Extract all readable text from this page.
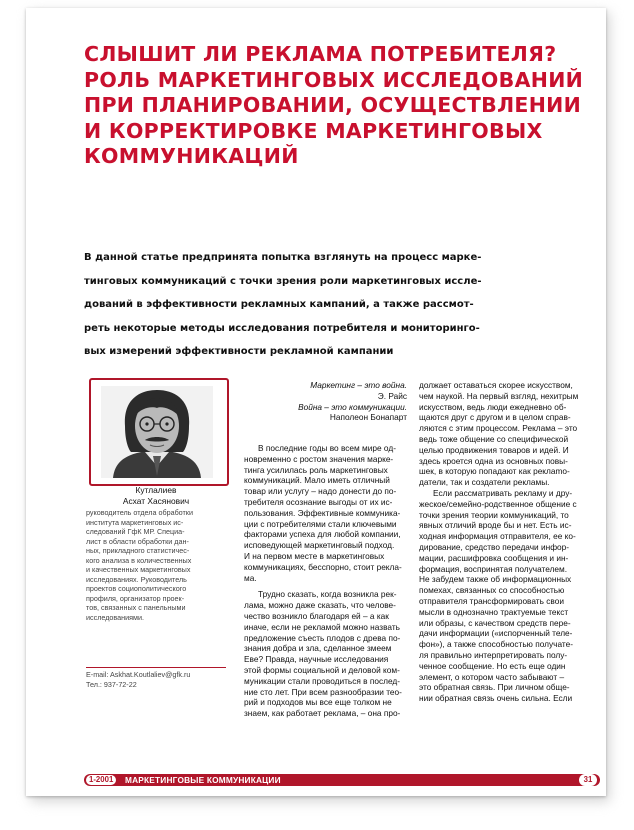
СЛЫШИТ ЛИ РЕКЛАМА ПОТРЕБИТЕЛЯ?
РОЛЬ МАРКЕТИНГОВЫХ ИССЛЕДОВАНИЙ
ПРИ ПЛАНИРОВАНИИ, ОСУЩЕСТВЛЕНИИ
И КОРРЕКТИРОВКЕ МАРКЕТИНГОВЫХ
КОММУНИКАЦИЙ

В данной статье предпринята попытка взглянуть на процесс марке-
тинговых коммуникаций с точки зрения роли маркетинговых иссле-
дований в эффективности рекламных кампаний, а также рассмот-
реть некоторые методы исследования потребителя и мониторинго-
вых измерений эффективности рекламной кампании

Кутлалиев
Асхат Хасянович

руководитель отдела обработки
института маркетинговых ис-
следований ГфК МР. Специа-
лист в области обработки дан-
ных, прикладного статистичес-
кого анализа в количественных
и качественных маркетинговых
исследованиях. Руководитель
проектов социополитического
профиля, организатор проек-
тов, связанных с панельными
исследованиями.

E-mail: Askhat.Koutlaliev@gfk.ru
Тел.: 937-72-22
Маркетинг – это война.
Э. Райс
Война – это коммуникации.
Наполеон Бонапарт

В последние годы во всем мире од-
новременно с ростом значения марке-
тинга усилилась роль маркетинговых
коммуникаций. Мало иметь отличный
товар или услугу – надо донести до по-
требителя осознание выгоды от их ис-
пользования. Эффективные коммуника-
ции с потребителями стали ключевыми
факторами успеха для любой компании,
исповедующей маркетинговый подход.
И на первом месте в маркетинговых
коммуникациях, бесспорно, стоит рекла-
ма.

Трудно сказать, когда возникла рек-
лама, можно даже сказать, что челове-
чество возникло благодаря ей – а как
иначе, если не рекламой можно назвать
предложение съесть плодов с древа по-
знания добра и зла, сделанное змеем
Еве? Правда, научные исследования
этой формы социальной и деловой ком-
муникации стали проводиться в послед-
ние сто лет. При всем разнообразии тео-
рий и подходов мы все еще толком не
знаем, как работает реклама, – она про-

должает оставаться скорее искусством,
чем наукой. На первый взгляд, нехитрым
искусством, ведь люди ежедневно об-
щаются друг с другом и в целом справ-
ляются с этим процессом. Реклама – это
ведь тоже общение со специфической
целью продвижения товаров и идей. И
здесь кроется одна из основных повы-
шек, в которую попадают как реклamo-
датели, так и создатели рекламы.

Если рассматривать рекламу и дру-
жеское/семейно-родственное общение с
точки зрения теории коммуникаций, то
явных отличий вроде бы и нет. Есть ис-
ходная информация отправителя, ее ко-
дирование, средство передачи инфор-
мации, расшифровка сообщения и ин-
формация, воспринятая получателем.
Не забудем также об информационных
помехах, связанных со способностью
отправителя трансформировать свои
мысли в однозначно трактуемые текст
или образы, с качеством средств пере-
дачи информации («испорченный теле-
фон»), а также способностью получате-
ля правильно интерпретировать полу-
ченное сообщение. Но есть еще один
элемент, о котором часто забывают –
это обратная связь. При личном обще-
нии обратная связь очень сильна. Если

1-2001	МАРКЕТИНГОВЫЕ КОММУНИКАЦИИ	31
